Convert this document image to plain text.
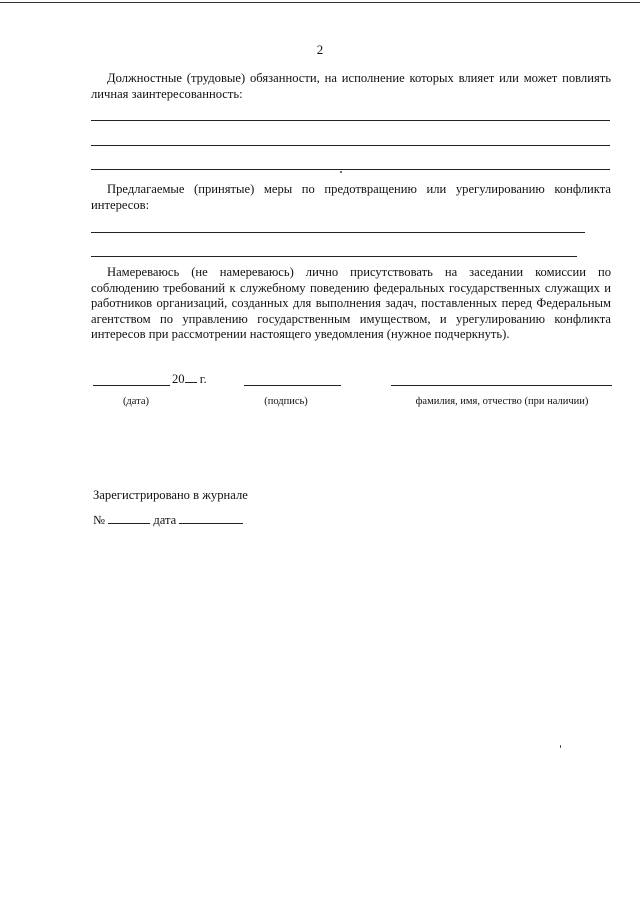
2

Должностные (трудовые) обязанности, на исполнение которых влияет или может повлиять личная заинтересованность:

Предлагаемые (принятые) меры по предотвращению или урегулированию конфликта интересов:

Намереваюсь (не намереваюсь) лично присутствовать на заседании комиссии по соблюдению требований к служебному поведению федеральных государственных служащих и работников организаций, созданных для выполнения задач, поставленных перед Федеральным агентством по управлению государственным имуществом, и урегулированию конфликта интересов при рассмотрении настоящего уведомления (нужное подчеркнуть).

20 г.
(дата)	(подпись)	фамилия, имя, отчество (при наличии)
Зарегистрировано в журнале
№	дата
